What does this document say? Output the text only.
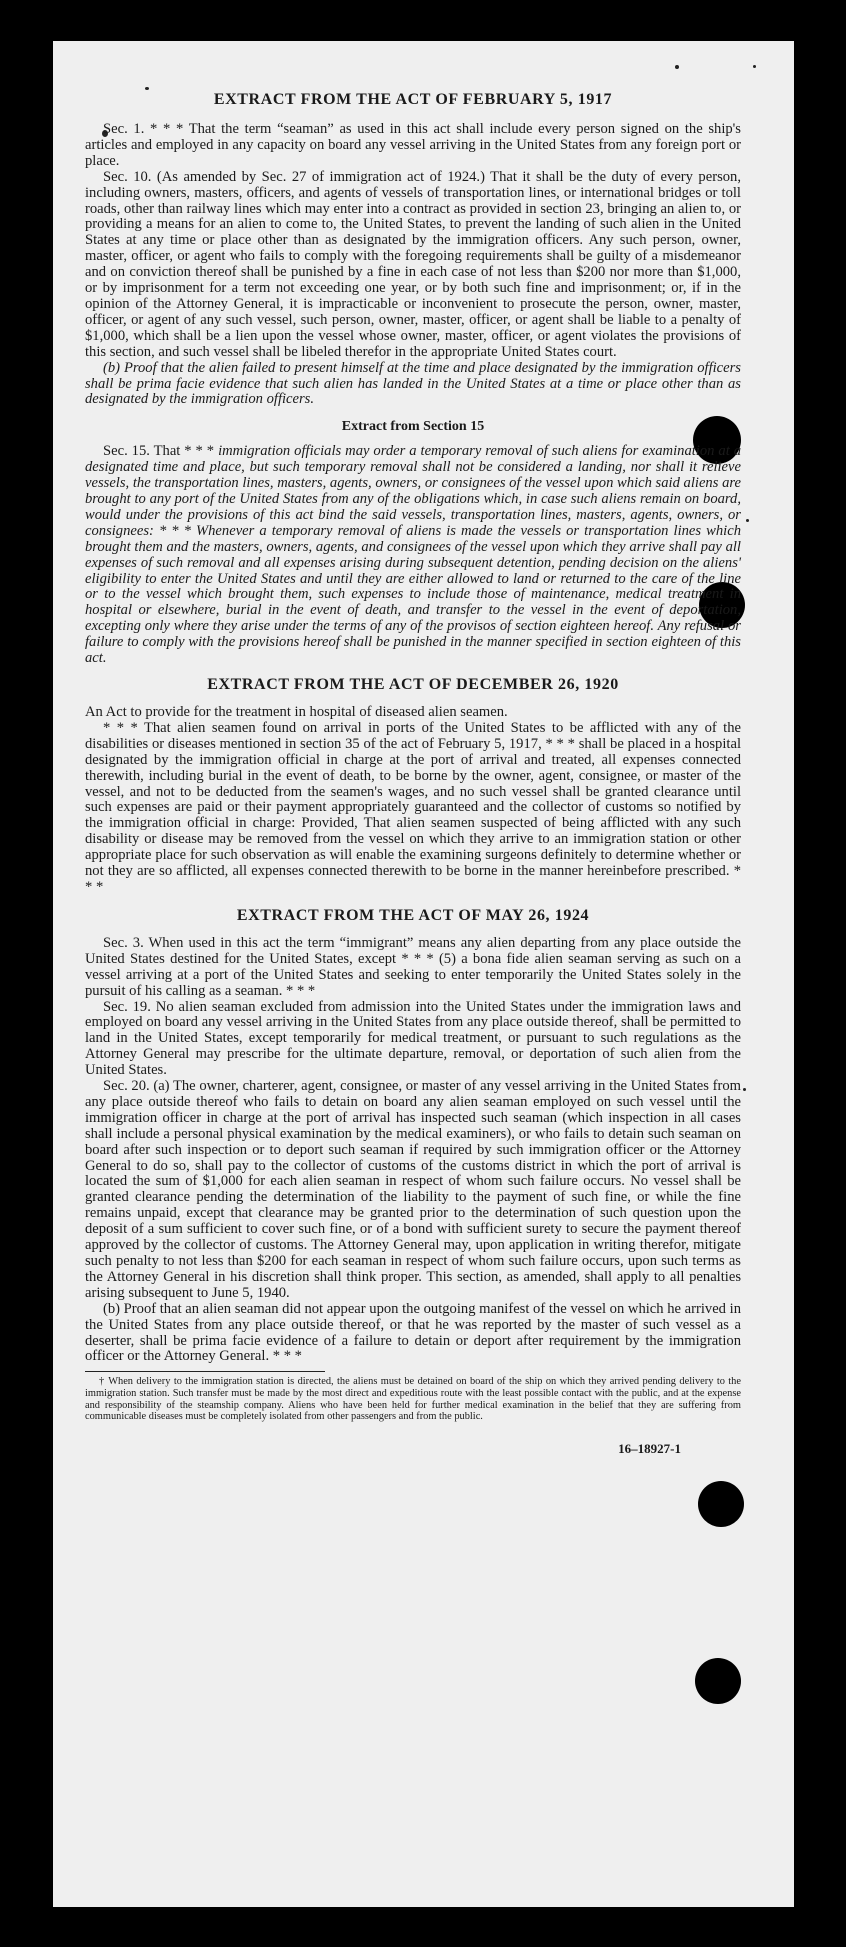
EXTRACT FROM THE ACT OF FEBRUARY 5, 1917

Sec. 1. * * * That the term “seaman” as used in this act shall include every person signed on the ship's articles and employed in any capacity on board any vessel arriving in the United States from any foreign port or place.

Sec. 10. (As amended by Sec. 27 of immigration act of 1924.) That it shall be the duty of every person, including owners, masters, officers, and agents of vessels of transportation lines, or international bridges or toll roads, other than railway lines which may enter into a contract as provided in section 23, bringing an alien to, or providing a means for an alien to come to, the United States, to prevent the landing of such alien in the United States at any time or place other than as designated by the immigration officers. Any such person, owner, master, officer, or agent who fails to comply with the foregoing requirements shall be guilty of a misdemeanor and on conviction thereof shall be punished by a fine in each case of not less than $200 nor more than $1,000, or by imprisonment for a term not exceeding one year, or by both such fine and imprisonment; or, if in the opinion of the Attorney General, it is impracticable or inconvenient to prosecute the person, owner, master, officer, or agent of any such vessel, such person, owner, master, officer, or agent shall be liable to a penalty of $1,000, which shall be a lien upon the vessel whose owner, master, officer, or agent violates the provisions of this section, and such vessel shall be libeled therefor in the appropriate United States court.

(b) Proof that the alien failed to present himself at the time and place designated by the immigration officers shall be prima facie evidence that such alien has landed in the United States at a time or place other than as designated by the immigration officers.

Extract from Section 15

Sec. 15. That * * * immigration officials may order a temporary removal of such aliens for examination at a designated time and place, but such temporary removal shall not be considered a landing, nor shall it relieve vessels, the transportation lines, masters, agents, owners, or consignees of the vessel upon which said aliens are brought to any port of the United States from any of the obligations which, in case such aliens remain on board, would under the provisions of this act bind the said vessels, transportation lines, masters, agents, owners, or consignees: * * * Whenever a temporary removal of aliens is made the vessels or transportation lines which brought them and the masters, owners, agents, and consignees of the vessel upon which they arrive shall pay all expenses of such removal and all expenses arising during subsequent detention, pending decision on the aliens' eligibility to enter the United States and until they are either allowed to land or returned to the care of the line or to the vessel which brought them, such expenses to include those of maintenance, medical treatment in hospital or elsewhere, burial in the event of death, and transfer to the vessel in the event of deportation, excepting only where they arise under the terms of any of the provisos of section eighteen hereof. Any refusal or failure to comply with the provisions hereof shall be punished in the manner specified in section eighteen of this act.

EXTRACT FROM THE ACT OF DECEMBER 26, 1920

An Act to provide for the treatment in hospital of diseased alien seamen.

* * * That alien seamen found on arrival in ports of the United States to be afflicted with any of the disabilities or diseases mentioned in section 35 of the act of February 5, 1917, * * * shall be placed in a hospital designated by the immigration official in charge at the port of arrival and treated, all expenses connected therewith, including burial in the event of death, to be borne by the owner, agent, consignee, or master of the vessel, and not to be deducted from the seamen's wages, and no such vessel shall be granted clearance until such expenses are paid or their payment appropriately guaranteed and the collector of customs so notified by the immigration official in charge: Provided, That alien seamen suspected of being afflicted with any such disability or disease may be removed from the vessel on which they arrive to an immigration station or other appropriate place for such observation as will enable the examining surgeons definitely to determine whether or not they are so afflicted, all expenses connected therewith to be borne in the manner hereinbefore prescribed. * * *

EXTRACT FROM THE ACT OF MAY 26, 1924

Sec. 3. When used in this act the term “immigrant” means any alien departing from any place outside the United States destined for the United States, except * * * (5) a bona fide alien seaman serving as such on a vessel arriving at a port of the United States and seeking to enter temporarily the United States solely in the pursuit of his calling as a seaman. * * *

Sec. 19. No alien seaman excluded from admission into the United States under the immigration laws and employed on board any vessel arriving in the United States from any place outside thereof, shall be permitted to land in the United States, except temporarily for medical treatment, or pursuant to such regulations as the Attorney General may prescribe for the ultimate departure, removal, or deportation of such alien from the United States.

Sec. 20. (a) The owner, charterer, agent, consignee, or master of any vessel arriving in the United States from any place outside thereof who fails to detain on board any alien seaman employed on such vessel until the immigration officer in charge at the port of arrival has inspected such seaman (which inspection in all cases shall include a personal physical examination by the medical examiners), or who fails to detain such seaman on board after such inspection or to deport such seaman if required by such immigration officer or the Attorney General to do so, shall pay to the collector of customs of the customs district in which the port of arrival is located the sum of $1,000 for each alien seaman in respect of whom such failure occurs. No vessel shall be granted clearance pending the determination of the liability to the payment of such fine, or while the fine remains unpaid, except that clearance may be granted prior to the determination of such question upon the deposit of a sum sufficient to cover such fine, or of a bond with sufficient surety to secure the payment thereof approved by the collector of customs. The Attorney General may, upon application in writing therefor, mitigate such penalty to not less than $200 for each seaman in respect of whom such failure occurs, upon such terms as the Attorney General in his discretion shall think proper. This section, as amended, shall apply to all penalties arising subsequent to June 5, 1940.

(b) Proof that an alien seaman did not appear upon the outgoing manifest of the vessel on which he arrived in the United States from any place outside thereof, or that he was reported by the master of such vessel as a deserter, shall be prima facie evidence of a failure to detain or deport after requirement by the immigration officer or the Attorney General. * * *

† When delivery to the immigration station is directed, the aliens must be detained on board of the ship on which they arrived pending delivery to the immigration station. Such transfer must be made by the most direct and expeditious route with the least possible contact with the public, and at the expense and responsibility of the steamship company. Aliens who have been held for further medical examination in the belief that they are suffering from communicable diseases must be completely isolated from other passengers and from the public.

16–18927-1
